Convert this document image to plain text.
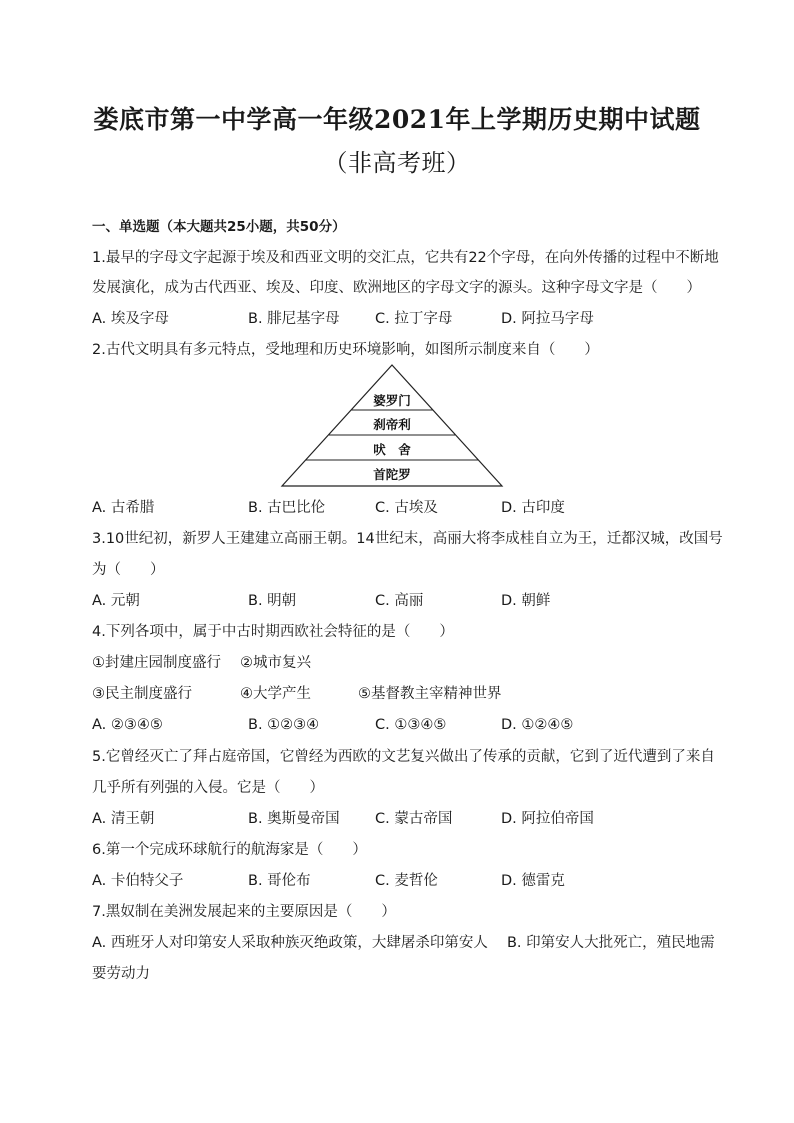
娄底市第一中学高一年级2021年上学期历史期中试题
（非高考班）
一、单选题（本大题共25小题，共50分）
1.最早的字母文字起源于埃及和西亚文明的交汇点，它共有22个字母，在向外传播的过程中不断地
发展演化，成为古代西亚、埃及、印度、欧洲地区的字母文字的源头。这种字母文字是（　　）
A. 埃及字母	B. 腓尼基字母 C. 拉丁字母	D. 阿拉马字母
2.古代文明具有多元特点，受地理和历史环境影响，如图所示制度来自（　　）
婆罗门
刹帝利
吠　舍
首陀罗
A. 古希腊	B. 古巴比伦	C. 古埃及	D. 古印度
3.10世纪初，新罗人王建建立高丽王朝。14世纪末，高丽大将李成桂自立为王，迁都汉城，改国号
为（　　）
A. 元朝	B. 明朝	C. 高丽	D. 朝鲜
4.下列各项中，属于中古时期西欧社会特征的是（　　）
①封建庄园制度盛行 ②城市复兴
③民主制度盛行	④大学产生	⑤基督教主宰精神世界
A. ②③④⑤	B. ①②③④	C. ①③④⑤	D. ①②④⑤
5.它曾经灭亡了拜占庭帝国，它曾经为西欧的文艺复兴做出了传承的贡献，它到了近代遭到了来自
几乎所有列强的入侵。它是（　　）
A. 清王朝	B. 奥斯曼帝国 C. 蒙古帝国	D. 阿拉伯帝国
6.第一个完成环球航行的航海家是（　　）
A. 卡伯特父子	B. 哥伦布	C. 麦哲伦	D. 德雷克
7.黑奴制在美洲发展起来的主要原因是（　　）
A. 西班牙人对印第安人采取种族灭绝政策，大肆屠杀印第安人　 B. 印第安人大批死亡，殖民地需
要劳动力
